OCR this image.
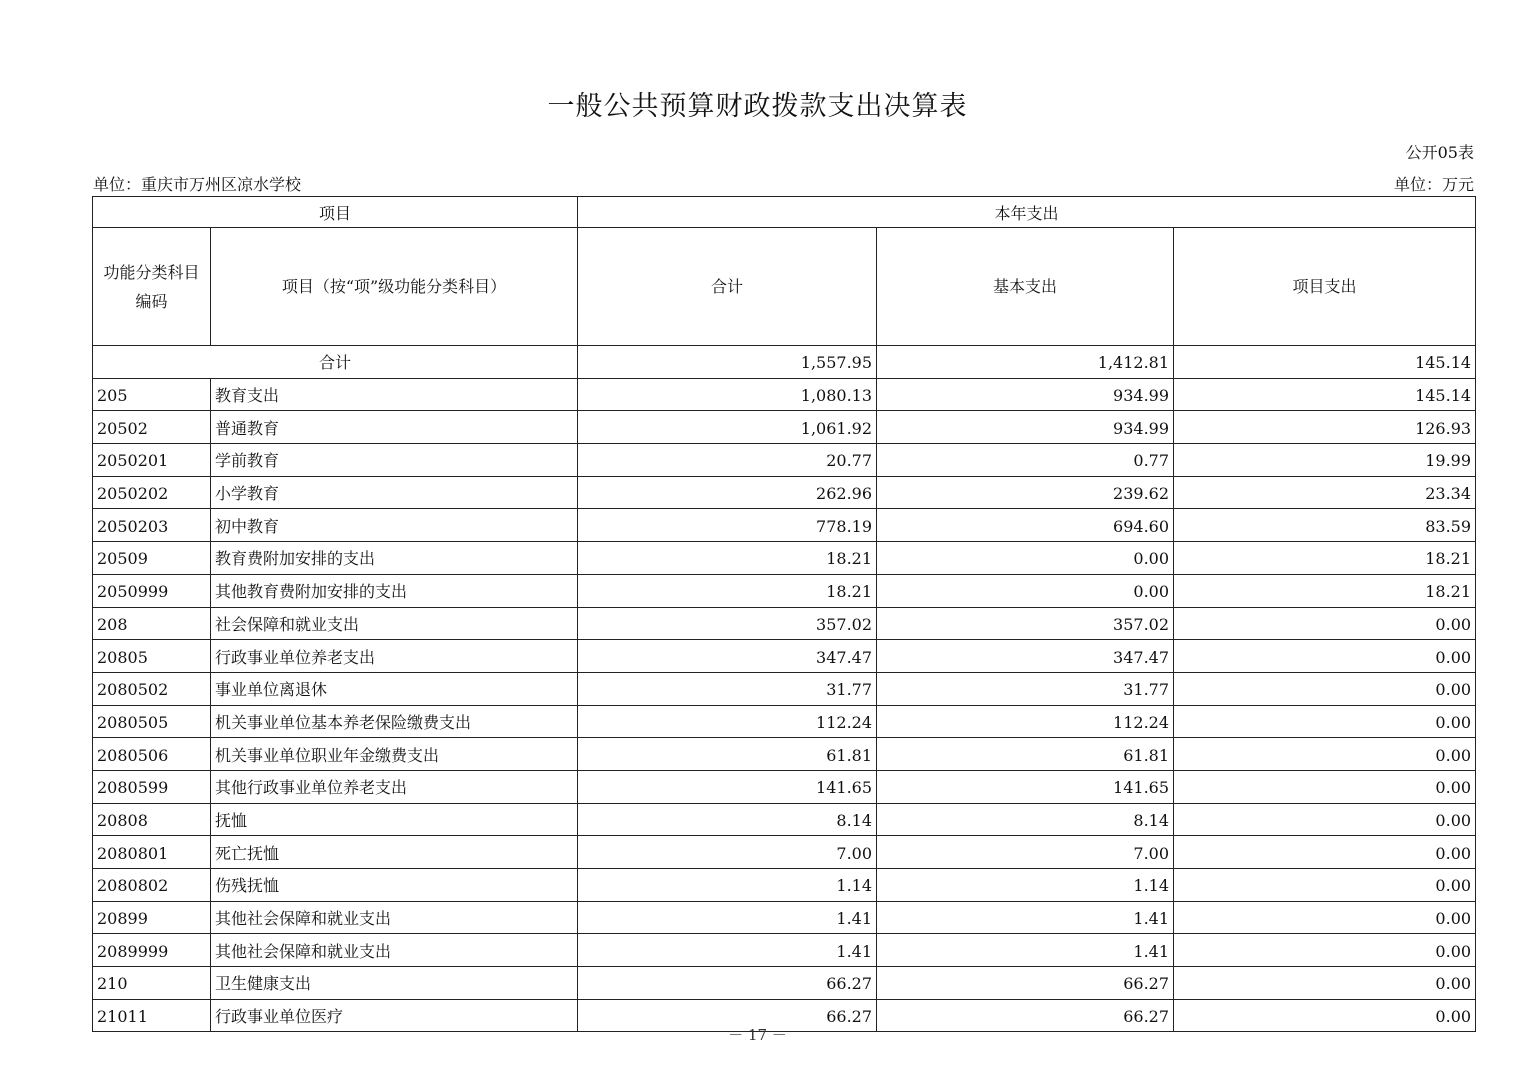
一般公共预算财政拨款支出决算表
公开05表
单位：重庆市万州区凉水学校	单位：万元
项目		本年支出		
功能分类科目编码	项目（按“项”级功能分类科目）	合计	基本支出	项目支出
合计		1,557.95	1,412.81	145.14
205	教育支出	1,080.13	934.99	145.14
20502	普通教育	1,061.92	934.99	126.93
2050201	学前教育	20.77	0.77	19.99
2050202	小学教育	262.96	239.62	23.34
2050203	初中教育	778.19	694.60	83.59
20509	教育费附加安排的支出	18.21	0.00	18.21
2050999	其他教育费附加安排的支出	18.21	0.00	18.21
208	社会保障和就业支出	357.02	357.02	0.00
20805	行政事业单位养老支出	347.47	347.47	0.00
2080502	事业单位离退休	31.77	31.77	0.00
2080505	机关事业单位基本养老保险缴费支出	112.24	112.24	0.00
2080506	机关事业单位职业年金缴费支出	61.81	61.81	0.00
2080599	其他行政事业单位养老支出	141.65	141.65	0.00
20808	抚恤	8.14	8.14	0.00
2080801	死亡抚恤	7.00	7.00	0.00
2080802	伤残抚恤	1.14	1.14	0.00
20899	其他社会保障和就业支出	1.41	1.41	0.00
2089999	其他社会保障和就业支出	1.41	1.41	0.00
210	卫生健康支出	66.27	66.27	0.00
21011	行政事业单位医疗	66.27	66.27	0.00
－ 17 －
